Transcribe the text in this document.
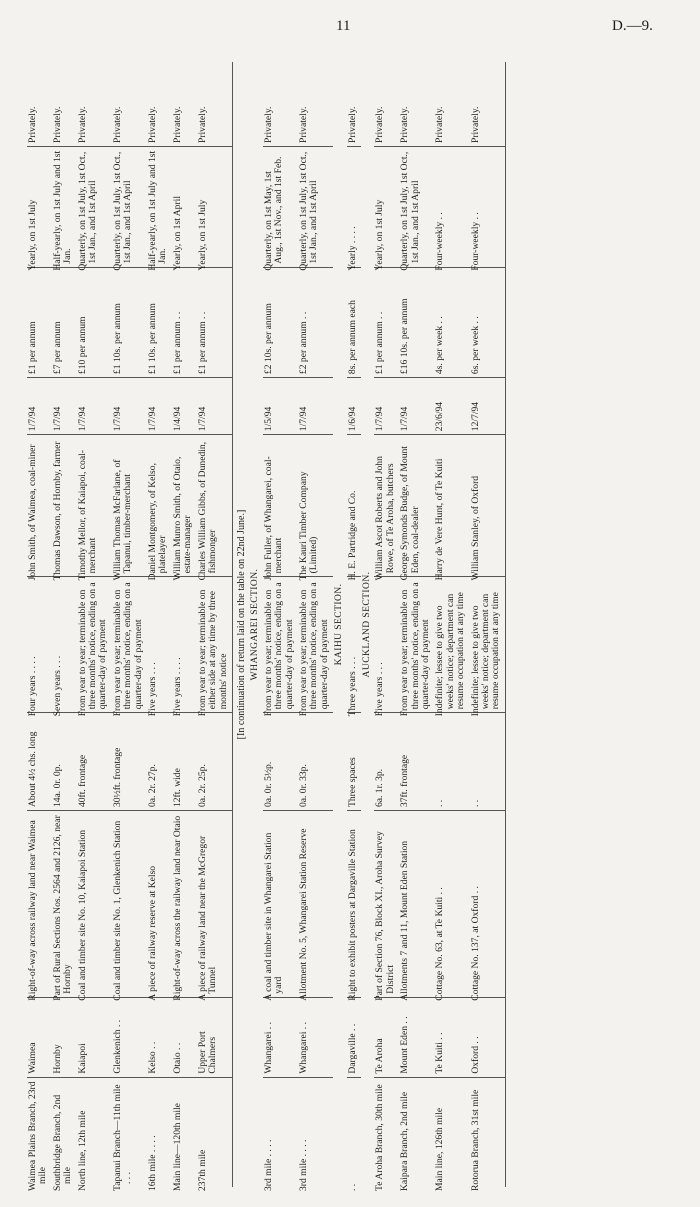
11	D.—9.
Waimea Plains Branch, 23rd mile	Waimea	Right-of-way across railway land near Waimea	About 4½ chs. long	Four years . . . .	John Smith, of Waimea, coal-miner	1/7/94	£1 per annum	Yearly, on 1st July	Privately.
Southbridge Branch, 2nd mile	Hornby	Part of Rural Sections Nos. 2564 and 2126, near Hornby	14a. 0r. 0p.	Seven years . . .	Thomas Dawson, of Hornby, farmer	1/7/94	£7 per annum	Half-yearly, on 1st July and 1st Jan.	Privately.
North line, 12th mile	Kaiapoi	Coal and timber site No. 10, Kaiapoi Station	40ft. frontage	From year to year; terminable on three months' notice, ending on a quarter-day of payment	Timothy Mellor, of Kaiapoi, coal-merchant	1/7/94	£10 per annum	Quarterly, on 1st July, 1st Oct., 1st Jan., and 1st April	Privately.
Tapanui Branch—11th mile . . .	Glenkenich . .	Coal and timber site No. 1, Glenkenich Station	30½ft. frontage	From year to year; terminable on three months' notice, ending on a quarter-day of payment	William Thomas McFarlane, of Tapanui, timber-merchant	1/7/94	£1 10s. per annum	Quarterly, on 1st July, 1st Oct., 1st Jan., and 1st April	Privately.
16th mile . . . .	Kelso . .	A piece of railway reserve at Kelso	0a. 2r. 27p.	Five years . . .	Daniel Montgomery, of Kelso, platelayer	1/7/94	£1 10s. per annum	Half-yearly, on 1st July and 1st Jan.	Privately.
Main line—120th mile	Otaio . .	Right-of-way across the railway land near Otaio	12ft. wide	Five years . . . .	William Munro Smith, of Otaio, estate-manager	1/4/94	£1 per annum . .	Yearly, on 1st April	Privately.
237th mile	Upper Port Chalmers	A piece of railway land near the McGregor Tunnel	0a. 2r. 25p.	From year to year; terminable on either side at any time by three months' notice	Charles William Gibbs, of Dunedin, fishmonger	1/7/94	£1 per annum . .	Yearly, on 1st July	Privately.
[In continuation of return laid on the table on 22nd June.]									
WHANGAREI SECTION.									
3rd mile . . . .	Whangarei . .	A coal and timber site in Whangarei Station yard	0a. 0r. 5½p.	From year to year; terminable on three months' notice, ending on a quarter-day of payment	John Fuller, of Whangarei, coal-merchant	1/5/94	£2 10s. per annum	Quarterly, on 1st May, 1st Aug., 1st Nov., and 1st Feb.	Privately.
3rd mile . . . .	Whangarei . .	Allotment No. 5, Whangarei Station Reserve	0a. 0r. 33p.	From year to year; terminable on three months' notice, ending on a quarter-day of payment	The Kauri Timber Company (Limited)	1/7/94	£2 per annum . .	Quarterly, on 1st July, 1st Oct., 1st Jan., and 1st April	Privately.
KAIHU SECTION.									
. .	Dargaville . .	Right to exhibit posters at Dargaville Station	Three spaces	Three years . . .	H. E. Partridge and Co.	1/6/94	8s. per annum each	Yearly . . . .	Privately.
AUCKLAND SECTION.									
Te Aroha Branch, 30th mile	Te Aroha	Part of Section 76, Block XI., Aroha Survey District	6a. 1r. 3p.	Five years . . .	William Ascot Roberts and John Rowe, of Te Aroha, butchers	1/7/94	£1 per annum . .	Yearly, on 1st July	Privately.
Kaipara Branch, 2nd mile	Mount Eden . .	Allotments 7 and 11, Mount Eden Station	37ft. frontage	From year to year; terminable on three months' notice, ending on a quarter-day of payment	George Symonds Budge, of Mount Eden, coal-dealer	1/7/94	£16 10s. per annum	Quarterly, on 1st July, 1st Oct., 1st Jan., and 1st April	Privately.
Main line, 126th mile	Te Kuiti . .	Cottage No. 63, at Te Kuiti . .	. .	Indefinite; lessee to give two weeks' notice; department can resume occupation at any time	Harry de Vere Hunt, of Te Kuiti	23/6/94	4s. per week . .	Four-weekly . .	Privately.
Rotorua Branch, 31st mile	Oxford . .	Cottage No. 137, at Oxford . .	. .	Indefinite; lessee to give two weeks' notice; department can resume occupation at any time	William Stanley, of Oxford	12/7/94	6s. per week . .	Four-weekly . .	Privately.
